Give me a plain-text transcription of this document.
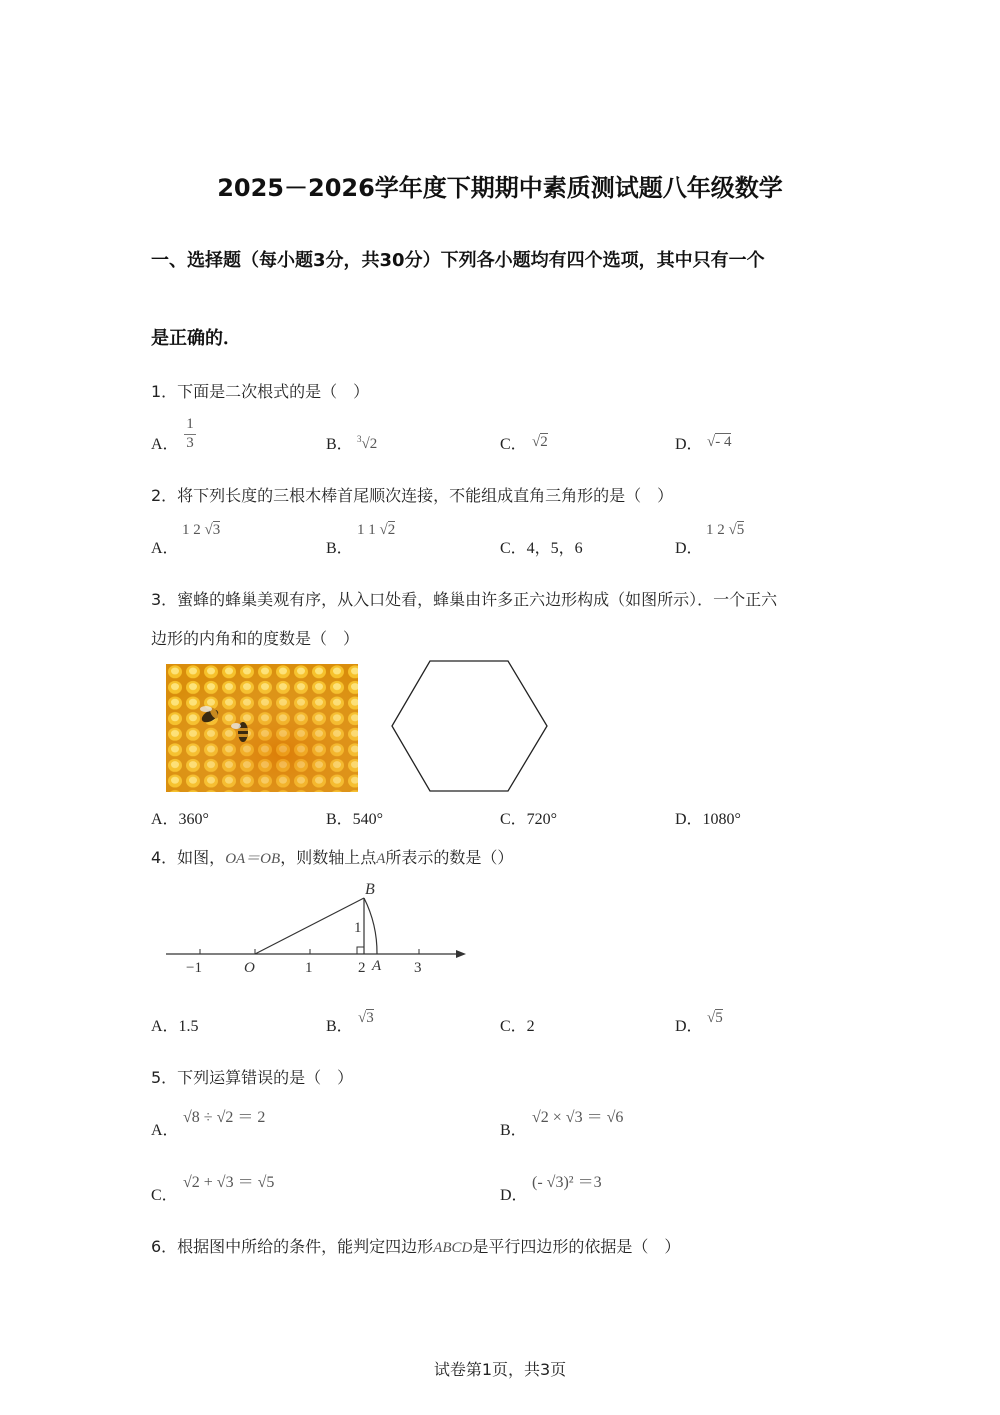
2025－2026学年度下期期中素质测试题八年级数学
一、选择题（每小题3分，共30分）下列各小题均有四个选项，其中只有一个
是正确的．
1．下面是二次根式的是（　）
A．
1
3	B． $^3$√2	C． √2	D． √- 4
2．将下列长度的三根木棒首尾顺次连接，不能组成直角三角形的是（　）
A．
1 2 √3
B．
1 1 √2
C．4，5，6	D．
1 2 √5
3．蜜蜂的蜂巢美观有序，从入口处看，蜂巢由许多正六边形构成（如图所示）．一个正六
边形的内角和的度数是（　）
A．360°	B．540°	C．720°	D．1080°
4．如图，OA＝OB，则数轴上点A所表示的数是（）
B
1
−1	O	1	2 A 3
A．1.5	B． √3	C．2	D． √5
5．下列运算错误的是（　）
A．
√8 ÷ √2 ＝ 2
B．
√2 × √3 ＝ √6
C．
√2 + √3 ＝ √5
D．
(- √3)² ＝3
6．根据图中所给的条件，能判定四边形ABCD是平行四边形的依据是（　）
试卷第1页，共3页
